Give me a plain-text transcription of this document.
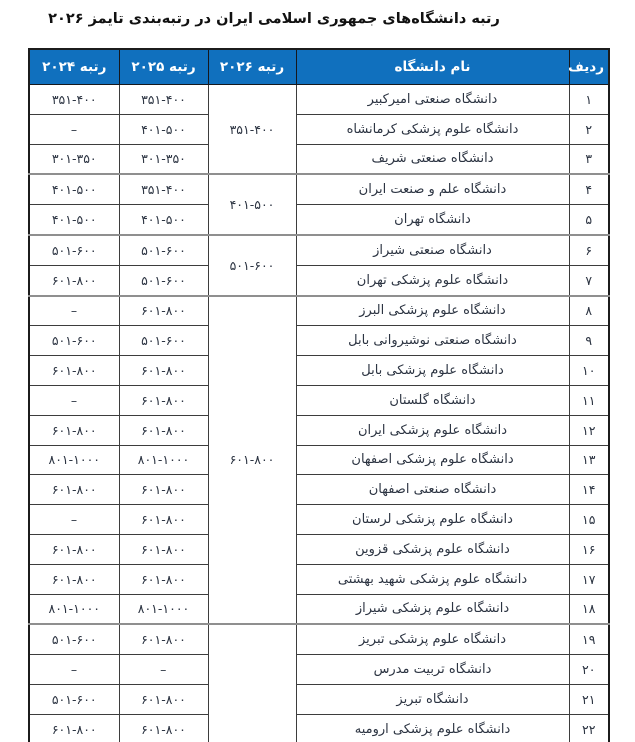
رتبه دانشگاه‌های جمهوری اسلامی ایران در رتبه‌بندی تایمز ۲۰۲۶
ردیف	نام دانشگاه	رتبه ۲۰۲۶	رتبه ۲۰۲۵	رتبه ۲۰۲۴
۱	دانشگاه صنعتی امیرکبیر	۳۵۱-۴۰۰	۳۵۱-۴۰۰	۳۵۱-۴۰۰
۲	دانشگاه علوم پزشکی کرمانشاه		۴۰۱-۵۰۰	–
۳	دانشگاه صنعتی شریف		۳۰۱-۳۵۰	۳۰۱-۳۵۰
۴	دانشگاه علم و صنعت ایران	۴۰۱-۵۰۰	۳۵۱-۴۰۰	۴۰۱-۵۰۰
۵	دانشگاه تهران		۴۰۱-۵۰۰	۴۰۱-۵۰۰
۶	دانشگاه صنعتی شیراز	۵۰۱-۶۰۰	۵۰۱-۶۰۰	۵۰۱-۶۰۰
۷	دانشگاه علوم پزشکی تهران		۵۰۱-۶۰۰	۶۰۱-۸۰۰
۸	دانشگاه علوم پزشکی البرز	۶۰۱-۸۰۰	۶۰۱-۸۰۰	–
۹	دانشگاه صنعتی نوشیروانی بابل		۵۰۱-۶۰۰	۵۰۱-۶۰۰
۱۰	دانشگاه علوم پزشکی بابل		۶۰۱-۸۰۰	۶۰۱-۸۰۰
۱۱	دانشگاه گلستان		۶۰۱-۸۰۰	–
۱۲	دانشگاه علوم پزشکی ایران		۶۰۱-۸۰۰	۶۰۱-۸۰۰
۱۳	دانشگاه علوم پزشکی اصفهان		۸۰۱-۱۰۰۰	۸۰۱-۱۰۰۰
۱۴	دانشگاه صنعتی اصفهان		۶۰۱-۸۰۰	۶۰۱-۸۰۰
۱۵	دانشگاه علوم پزشکی لرستان		۶۰۱-۸۰۰	–
۱۶	دانشگاه علوم پزشکی قزوین		۶۰۱-۸۰۰	۶۰۱-۸۰۰
۱۷	دانشگاه علوم پزشکی شهید بهشتی		۶۰۱-۸۰۰	۶۰۱-۸۰۰
۱۸	دانشگاه علوم پزشکی شیراز		۸۰۱-۱۰۰۰	۸۰۱-۱۰۰۰
۱۹	دانشگاه علوم پزشکی تبریز		۶۰۱-۸۰۰	۵۰۱-۶۰۰
۲۰	دانشگاه تربیت مدرس		–	–
۲۱	دانشگاه تبریز		۶۰۱-۸۰۰	۵۰۱-۶۰۰
۲۲	دانشگاه علوم پزشکی ارومیه		۶۰۱-۸۰۰	۶۰۱-۸۰۰
